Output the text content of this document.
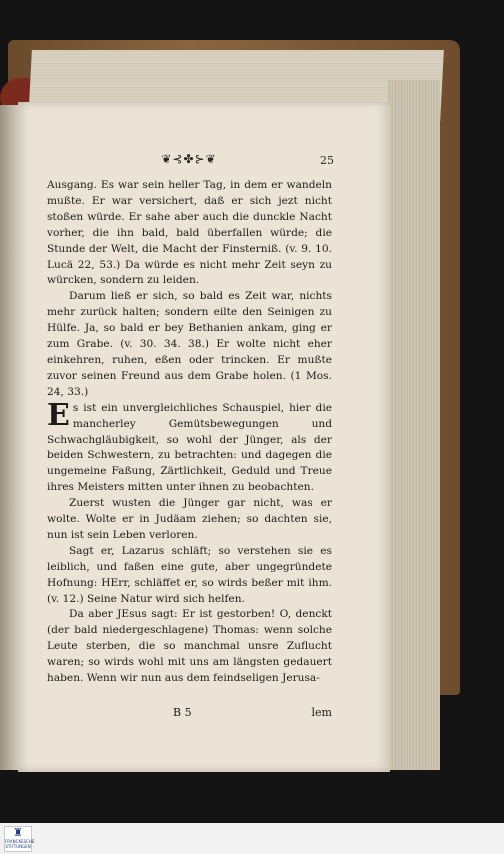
❦⊰✤⊱❦	25

Ausgang. Es war sein heller Tag, in dem er wandeln mußte. Er war versichert, daß er sich jezt nicht stoßen würde. Er sahe aber auch die dunckle Nacht vorher, die ihn bald, bald überfallen würde; die Stunde der Welt, die Macht der Finsterniß. (v. 9. 10. Lucä 22, 53.) Da würde es nicht mehr Zeit seyn zu würcken, sondern zu leiden.

Darum ließ er sich, so bald es Zeit war, nichts mehr zurück halten; sondern eilte den Seinigen zu Hülfe. Ja, so bald er bey Bethanien ankam, ging er zum Grabe. (v. 30. 34. 38.) Er wolte nicht eher einkehren, ruhen, eßen oder trincken. Er mußte zuvor seinen Freund aus dem Grabe holen. (1 Mos. 24, 33.)

Es ist ein unvergleichliches Schauspiel, hier die mancherley Gemütsbewegungen und Schwachgläubigkeit, so wohl der Jünger, als der beiden Schwestern, zu betrachten: und dagegen die ungemeine Faßung, Zärtlichkeit, Geduld und Treue ihres Meisters mitten unter ihnen zu beobachten.

Zuerst wusten die Jünger gar nicht, was er wolte. Wolte er in Judäam ziehen; so dachten sie, nun ist sein Leben verloren.

Sagt er, Lazarus schläft; so verstehen sie es leiblich, und faßen eine gute, aber ungegründete Hofnung: HErr, schläffet er, so wirds beßer mit ihm. (v. 12.) Seine Natur wird sich helfen.

Da aber JEsus sagt: Er ist gestorben! O, denckt (der bald niedergeschlagene) Thomas: wenn solche Leute sterben, die so manchmal unsre Zuflucht waren; so wirds wohl mit uns am längsten gedauert haben. Wenn wir nun aus dem feindseligen Jerusa-

B 5	lem
♜
FRANCKESCHE STIFTUNGEN
